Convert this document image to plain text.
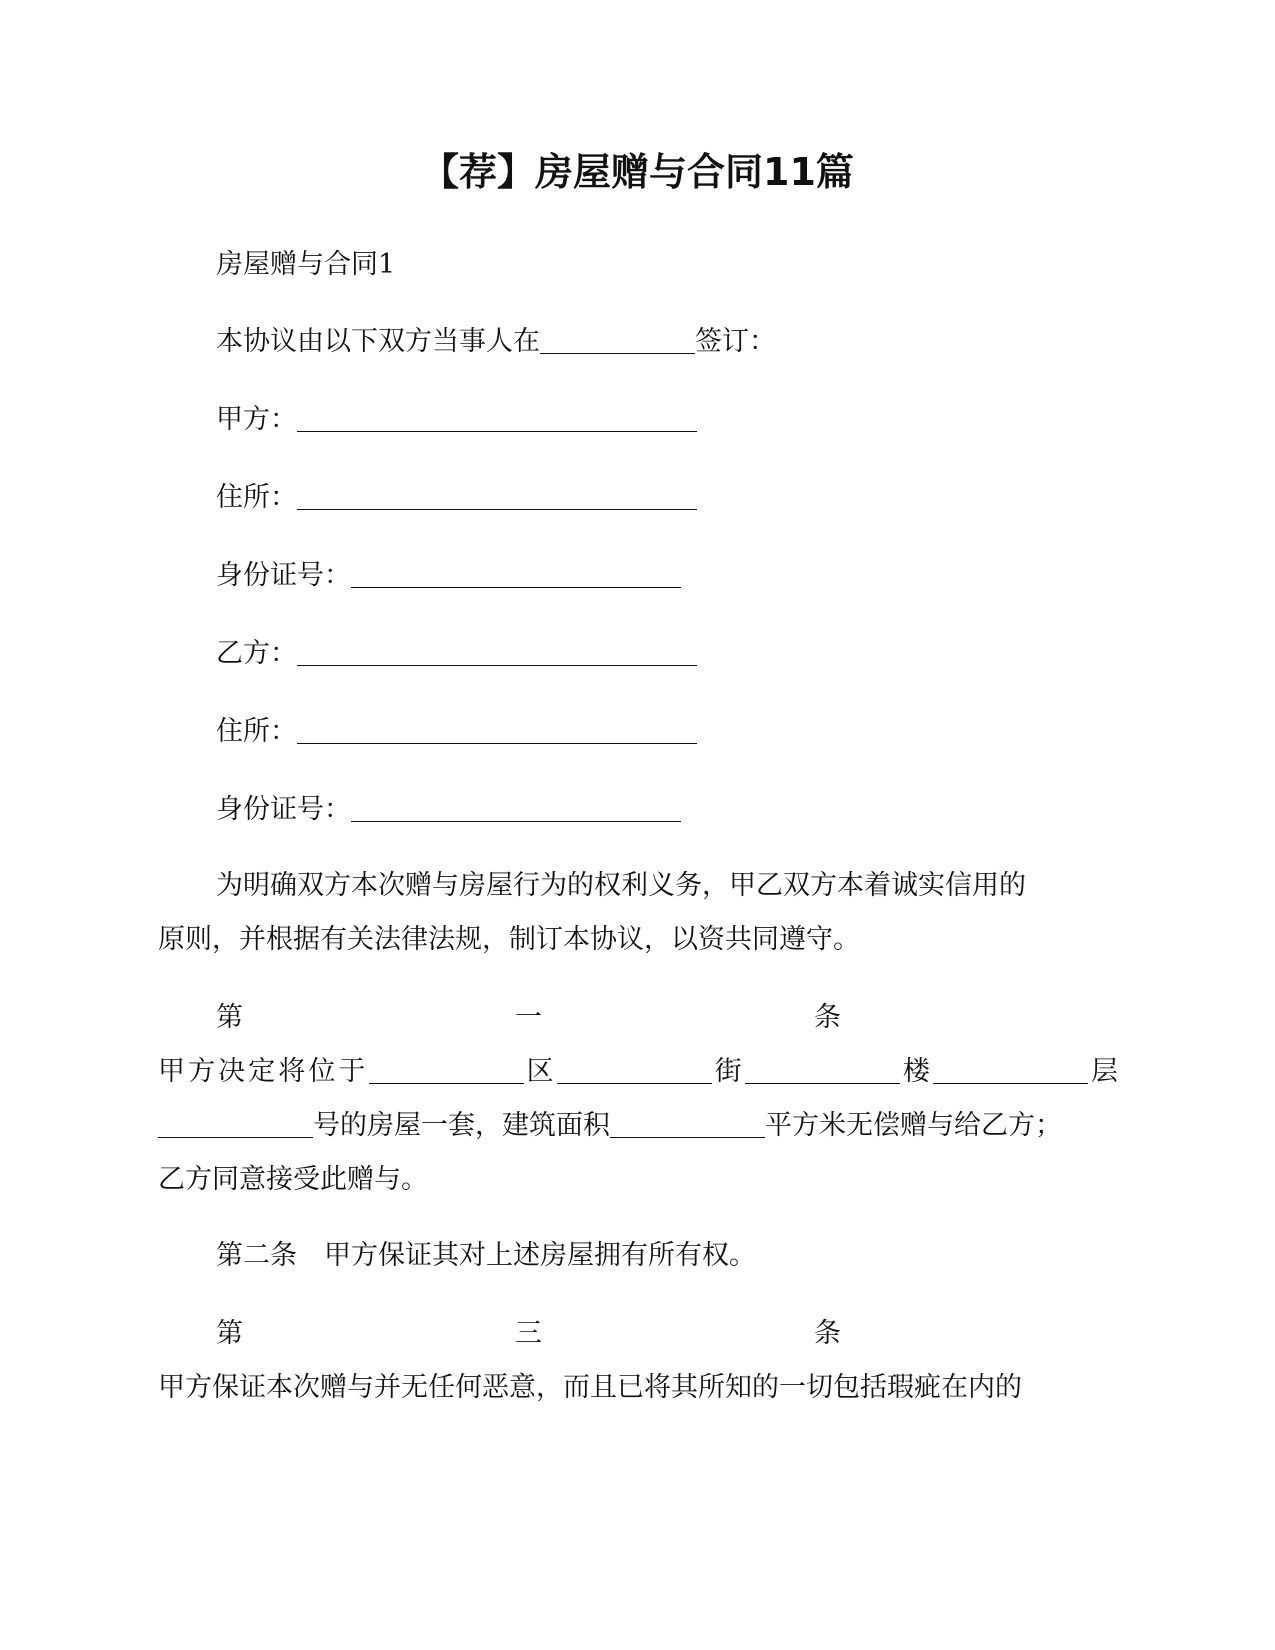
【荐】房屋赠与合同11篇
房屋赠与合同1
本协议由以下双方当事人在	签订：
甲方：
住所：
身份证号：
乙方：
住所：
身份证号：
为明确双方本次赠与房屋行为的权利义务，甲乙双方本着诚实信用的
原则，并根据有关法律法规，制订本协议，以资共同遵守。
第	一	条
甲方决定将位于	区	街	楼	层
号的房屋一套，建筑面积	平方米无偿赠与给乙方；
乙方同意接受此赠与。
第二条　甲方保证其对上述房屋拥有所有权。
第	三	条
甲方保证本次赠与并无任何恶意，而且已将其所知的一切包括瑕疵在内的
